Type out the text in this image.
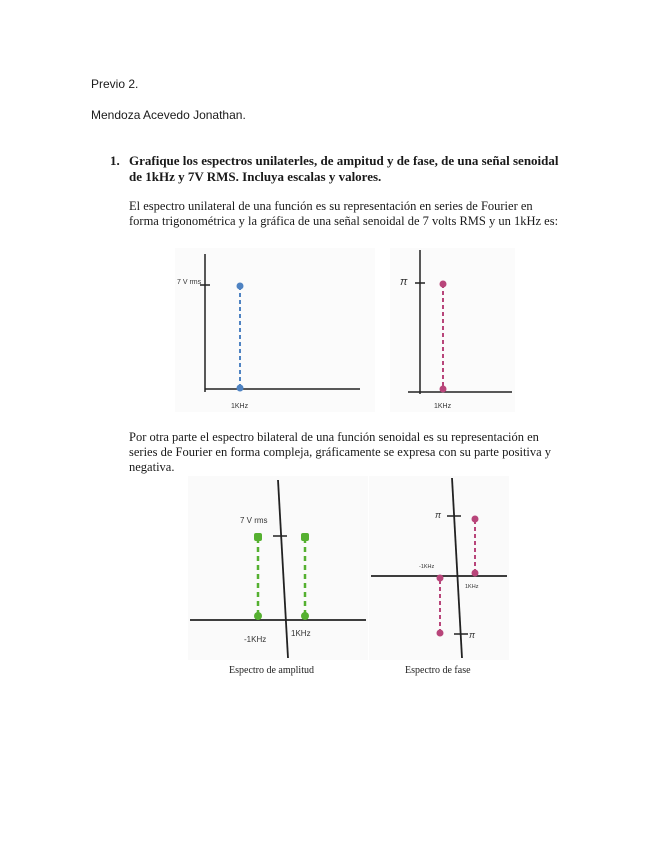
Previo 2.
Mendoza Acevedo Jonathan.
1. Grafique los espectros unilaterles, de ampitud y de fase, de una señal senoidal de 1kHz y 7V RMS. Incluya escalas y valores.
El espectro unilateral de una función es su representación en series de Fourier en forma trigonométrica y la gráfica de una señal senoidal de 7 volts RMS y un 1kHz es:
7 V rms
1KHz
π
1KHz
Por otra parte el espectro bilateral de una función senoidal es su representación en series de Fourier en forma compleja, gráficamente se expresa con su parte positiva y negativa.
7 V rms
-1KHz
1KHz
Espectro de amplitud
π
π
-1KHz
1KHz
Espectro de fase
